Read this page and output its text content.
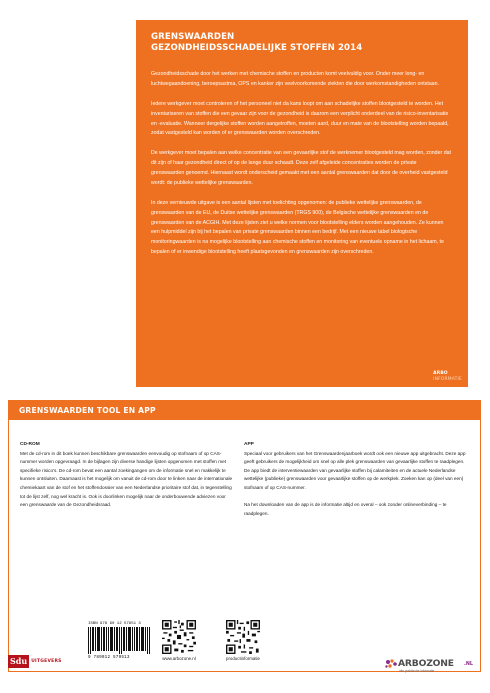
GRENSWAARDEN
GEZONDHEIDSSCHADELIJKE STOFFEN 2014

Gezondheidsschade door het werken met chemische stoffen en producten komt veelvuldig voor. Onder meer long- en luchtwegaandoening, beroepsastma, OPS en kanker zijn veelvoorkomende ziekten die door werkomstandigheden ontstaan.

Iedere werkgever moet controleren of het personeel niet da kans loopt om aan schadelijke stoffen blootgesteld te worden. Het inventariseren van stoffen die een gevaar zijn voor de gezondheid is daarom een verplicht onderdeel van de risico-inventarisatie en -evaluatie. Wanneer dergelijke stoffen worden aangetroffen, moeten aard, duur en mate van de blootstelling worden bepaald, zodat vastgesteld kan worden of er grenswaarden worden overschreden.

De werkgever moet bepalen aan welke concentratie van een gevaarlijke stof de werknemer blootgesteld mag worden, zonder dat dit zijn of haar gezondheid direct of op de lange duur schaadt. Deze zelf afgeleide concentraties worden de private grenswaarden genoemd. Hiernaast wordt onderscheid gemaakt met een aantal grenswaarden dat door de overheid vastgesteld wordt: de publieke wettelijke grenswaarden.

In deze vernieuwde uitgave is een aantal lijsten met toelichting opgenomen: de publieke wettelijke grenswaarden, de grenswaarden van de EU, de Duitse wettelijke grenswaarden (TRGS 900), de Belgische wettelijke grenswaarden en de grenswaarden van de ACGIH. Met deze lijsten ziet u welke normen voor blootstelling elders worden aangehouden. Ze kunnen een hulpmiddel zijn bij het bepalen van private grenswaarden binnen een bedrijf. Met een nieuwe tabel biologische monitoringwaarden is na mogelijke blootstelling aan chemische stoffen en monitoring van eventuele opname in het lichaam, te bepalen of er inwendige blootstelling heeft plaatsgevonden en grenswaarden zijn overschreden.

ARBO
INFORMATIE
GRENSWAARDEN TOOL EN APP
CD-ROM

Met de cd-rom in dit boek kunnen beschikbare grenswaarden eenvoudig op stofnaam of op CAS-nummer worden opgevraagd. In de bijlagen zijn diverse handige lijsten opgenomen met stoffen met specifieke risico's. De cd-rom bevat een aantal zoekingangen om de informatie snel en makkelijk te kunnen ontsluiten. Daarnaast is het mogelijk om vanuit de cd-rom door te linken naar de internationale chemiekaart van de stof en het stoffendossier van een Nederlandse prioritaire stof dat, in tegenstelling tot de lijst zelf, nog wel kracht is. Ook is doorlinken mogelijk naar de onderbouwende adviezen voor een grenswaarde van de Gezondheidsraad.

APP

Speciaal voor gebruikers van het Grenswaardenjaarboek wordt ook een nieuwe app uitgebracht. Deze app geeft gebruikers de mogelijkheid om snel op alle plek grenswaarden van gevaarlijke stoffen te raadplegen. De app biedt de interventiewaarden van gevaarlijke stoffen bij calamiteiten en de actuele Nederlandse wettelijke (publieke) grenswaarden voor gevaarlijke stoffen op de werkplek. Zoeken kan op (deel van een) stofnaam of op CAS-nummer.

Na het downloaden van de app is de informatie altijd en overal – ook zonder onlineverbinding – te raadplegen.

ISBN 978 90 12 57951 3
9 789012 579513
Sdu UITGEVERS	www.arbozone.nl	productinformatie	ARBOZONE .NL
alle praktische informatie
